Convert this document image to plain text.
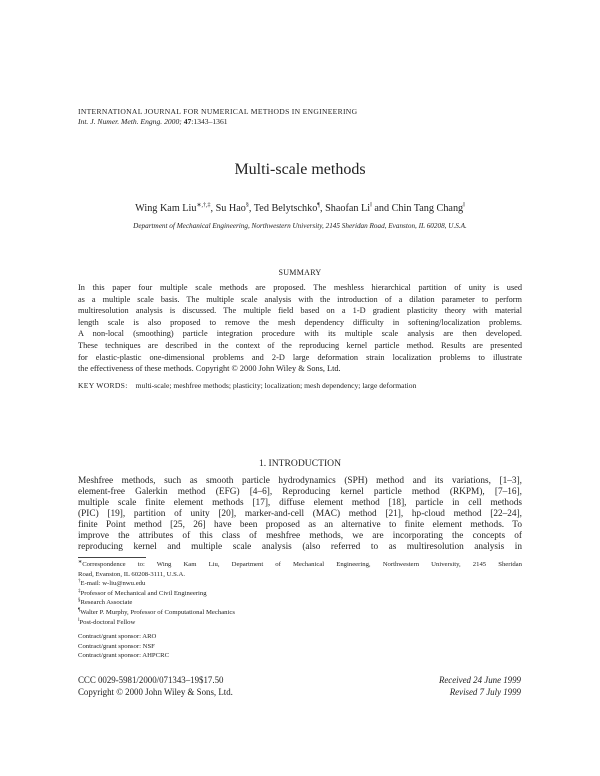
INTERNATIONAL JOURNAL FOR NUMERICAL METHODS IN ENGINEERING
Int. J. Numer. Meth. Engng. 2000; 47:1343–1361
Multi-scale methods
Wing Kam Liu∗,†,‡, Su Hao§, Ted Belytschko¶, Shaofan Li‖ and Chin Tang Chang‖
Department of Mechanical Engineering, Northwestern University, 2145 Sheridan Road, Evanston, IL 60208, U.S.A.
SUMMARY
In this paper four multiple scale methods are proposed. The meshless hierarchical partition of unity is used
as a multiple scale basis. The multiple scale analysis with the introduction of a dilation parameter to perform
multiresolution analysis is discussed. The multiple field based on a 1-D gradient plasticity theory with material
length scale is also proposed to remove the mesh dependency difficulty in softening/localization problems.
A non-local (smoothing) particle integration procedure with its multiple scale analysis are then developed.
These techniques are described in the context of the reproducing kernel particle method. Results are presented
for elastic-plastic one-dimensional problems and 2-D large deformation strain localization problems to illustrate
the effectiveness of these methods. Copyright © 2000 John Wiley & Sons, Ltd.
KEY WORDS: multi-scale; meshfree methods; plasticity; localization; mesh dependency; large deformation
1. INTRODUCTION
Meshfree methods, such as smooth particle hydrodynamics (SPH) method and its variations, [1–3],
element-free Galerkin method (EFG) [4–6], Reproducing kernel particle method (RKPM), [7–16],
multiple scale finite element methods [17], diffuse element method [18], particle in cell methods
(PIC) [19], partition of unity [20], marker-and-cell (MAC) method [21], hp-cloud method [22–24],
finite Point method [25, 26] have been proposed as an alternative to finite element methods. To
improve the attributes of this class of meshfree methods, we are incorporating the concepts of
reproducing kernel and multiple scale analysis (also referred to as multiresolution analysis in
∗Correspondence to: Wing Kam Liu, Department of Mechanical Engineering, Northwestern University, 2145 Sheridan
Road, Evanston, IL 60208-3111, U.S.A.
†E-mail: w-liu@nwu.edu
‡Professor of Mechanical and Civil Engineering
§Research Associate
¶Walter P. Murphy, Professor of Computational Mechanics
‖Post-doctoral Fellow
Contract/grant sponsor: ARO
Contract/grant sponsor: NSF
Contract/grant sponsor: AHPCRC
CCC 0029-5981/2000/071343–19$17.50
Copyright © 2000 John Wiley & Sons, Ltd.
Received 24 June 1999
Revised 7 July 1999
